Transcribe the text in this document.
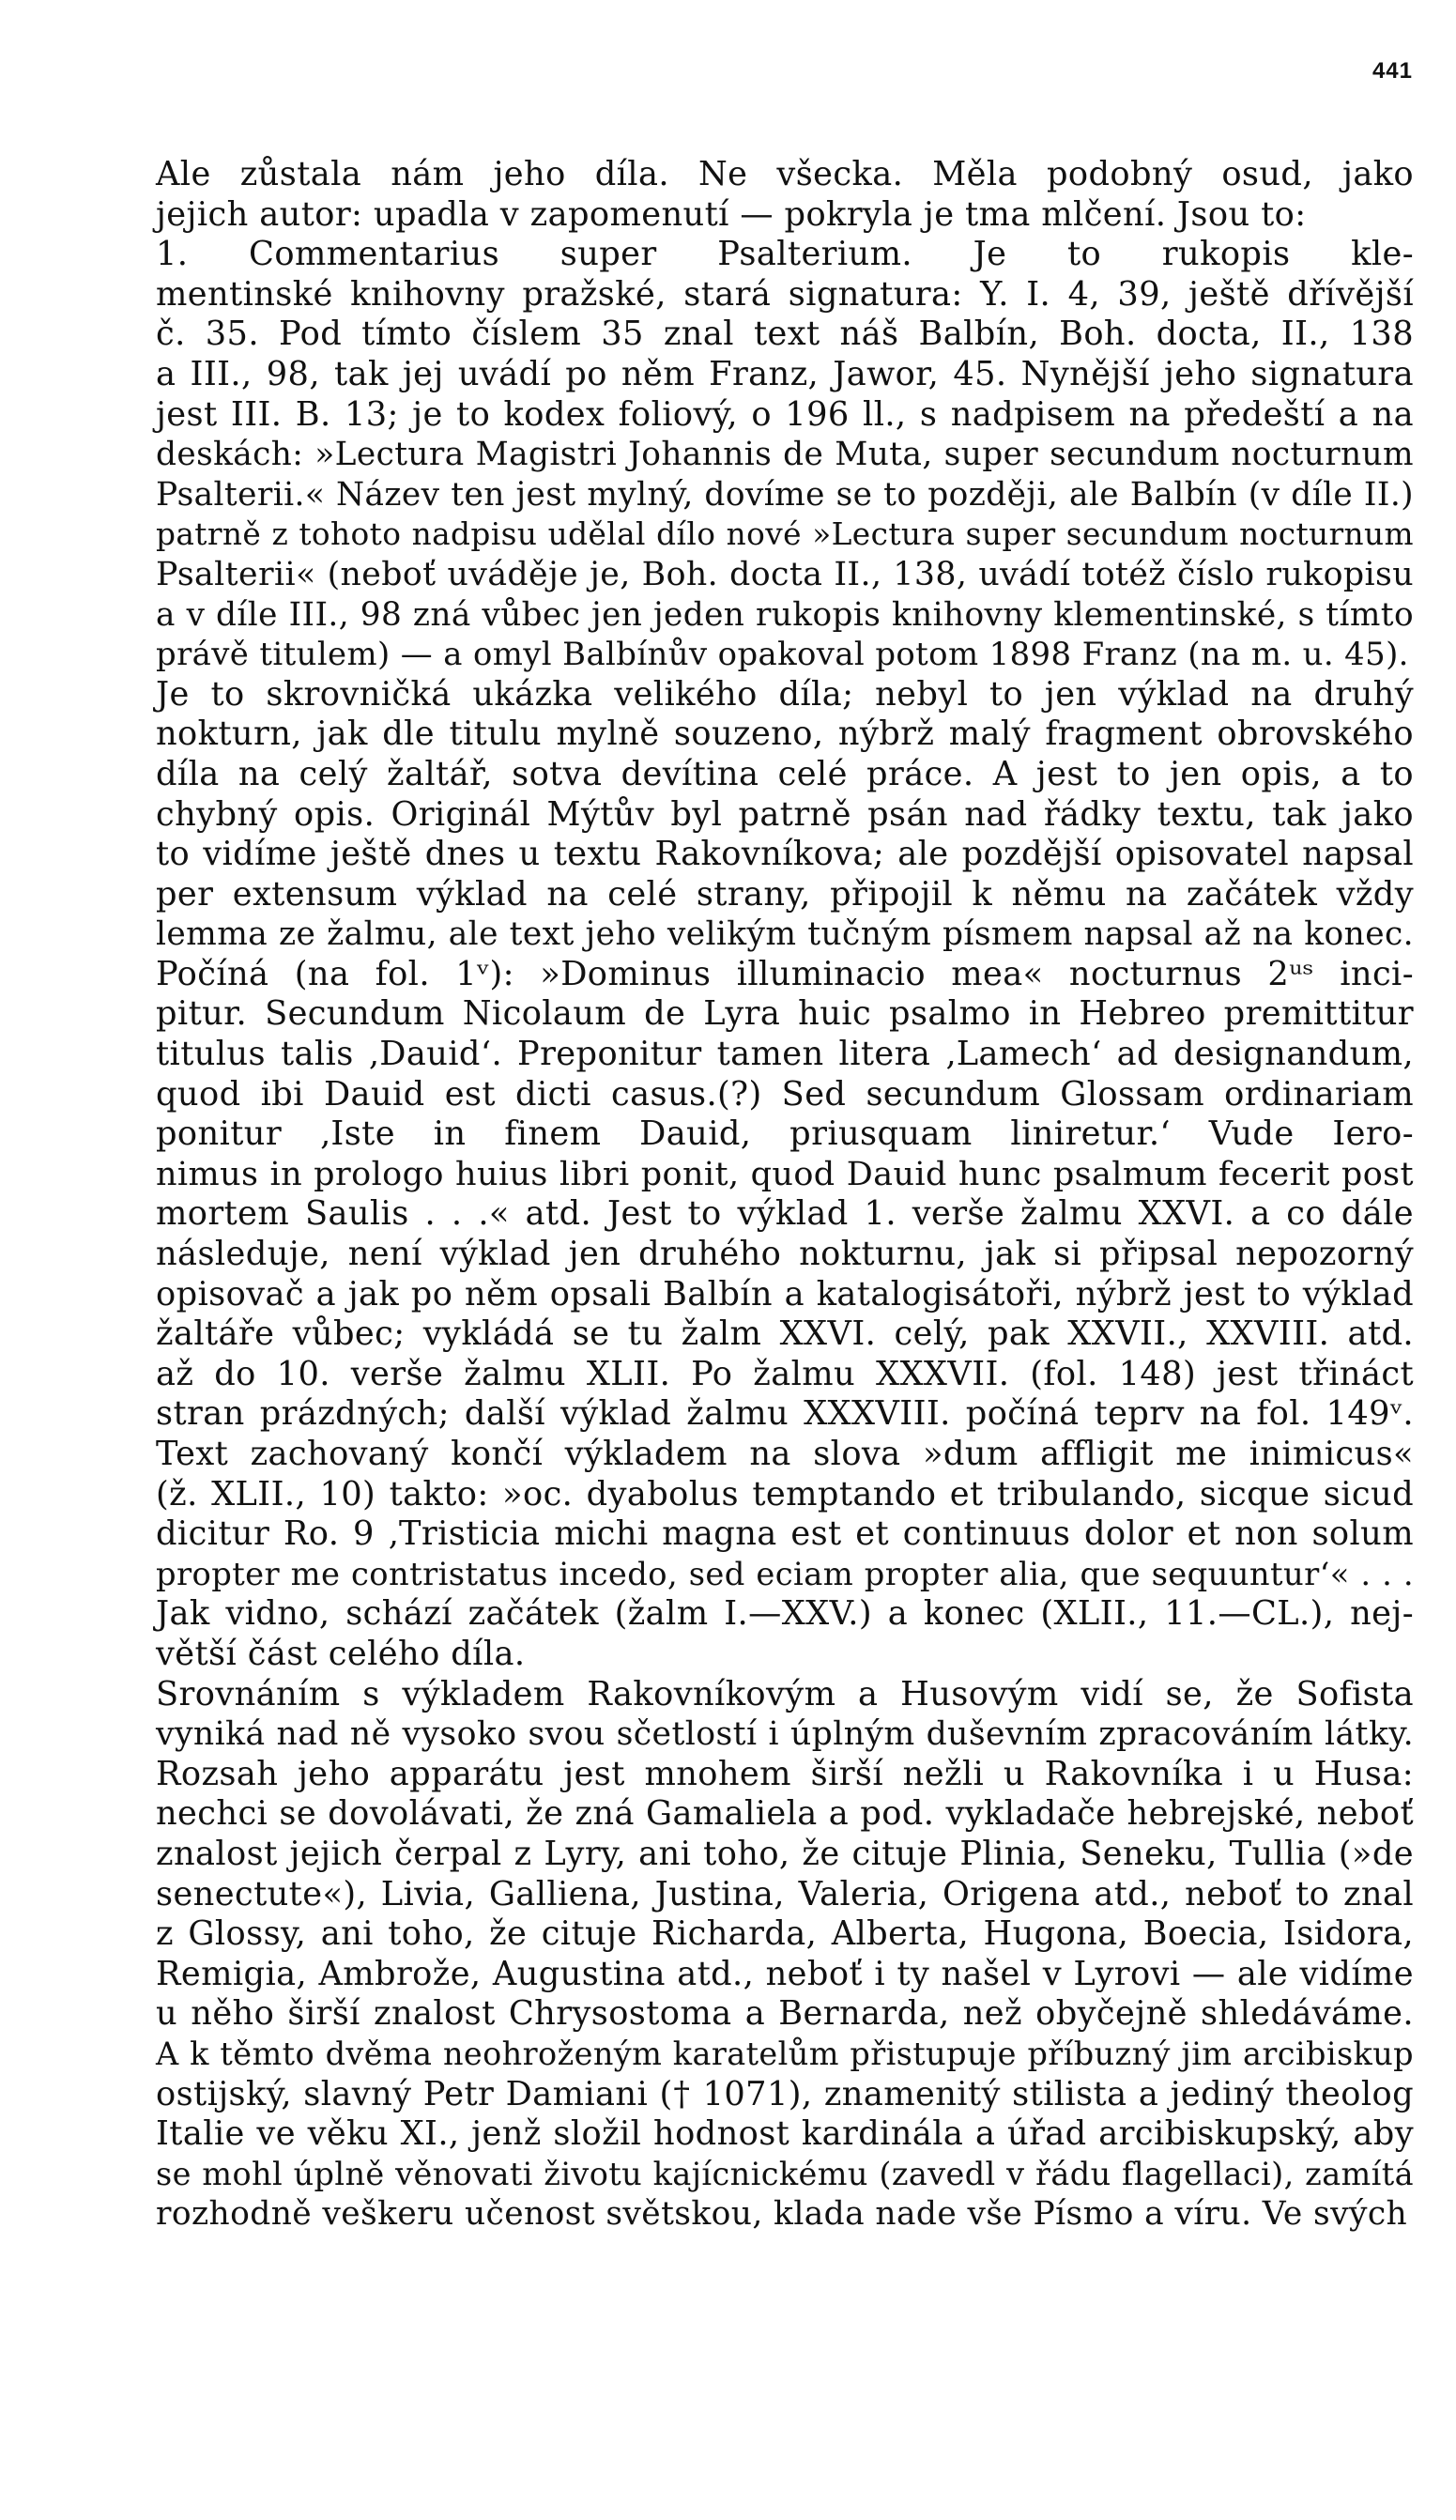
441
Ale zůstala nám jeho díla. Ne všecka. Měla podobný osud, jako
jejich autor: upadla v zapomenutí — pokryla je tma mlčení. Jsou to:
1. Commentarius super Psalterium. Je to rukopis kle-
mentinské knihovny pražské, stará signatura: Y. I. 4, 39, ještě dřívější
č. 35. Pod tímto číslem 35 znal text náš Balbín, Boh. docta, II., 138
a III., 98, tak jej uvádí po něm Franz, Jawor, 45. Nynější jeho signatura
jest III. B. 13; je to kodex foliový, o 196 ll., s nadpisem na předeští a na
deskách: »Lectura Magistri Johannis de Muta, super secundum nocturnum
Psalterii.« Název ten jest mylný, dovíme se to později, ale Balbín (v díle II.)
patrně z tohoto nadpisu udělal dílo nové »Lectura super secundum nocturnum
Psalterii« (neboť uváděje je, Boh. docta II., 138, uvádí totéž číslo rukopisu
a v díle III., 98 zná vůbec jen jeden rukopis knihovny klementinské, s tímto
právě titulem) — a omyl Balbínův opakoval potom 1898 Franz (na m. u. 45).
Je to skrovničká ukázka velikého díla; nebyl to jen výklad na druhý
nokturn, jak dle titulu mylně souzeno, nýbrž malý fragment obrovského
díla na celý žaltář, sotva devítina celé práce. A jest to jen opis, a to
chybný opis. Originál Mýtův byl patrně psán nad řádky textu, tak jako
to vidíme ještě dnes u textu Rakovníkova; ale pozdější opisovatel napsal
per extensum výklad na celé strany, připojil k němu na začátek vždy
lemma ze žalmu, ale text jeho velikým tučným písmem napsal až na konec.
Počíná (na fol. 1ᵛ): »Dominus illuminacio mea« nocturnus 2ᵘˢ inci-
pitur. Secundum Nicolaum de Lyra huic psalmo in Hebreo premittitur
titulus talis ‚Dauid‘. Preponitur tamen litera ‚Lamech‘ ad designandum,
quod ibi Dauid est dicti casus.(?) Sed secundum Glossam ordinariam
ponitur ‚Iste in finem Dauid, priusquam liniretur.‘ Vude Iero-
nimus in prologo huius libri ponit, quod Dauid hunc psalmum fecerit post
mortem Saulis . . .« atd. Jest to výklad 1. verše žalmu XXVI. a co dále
následuje, není výklad jen druhého nokturnu, jak si připsal nepozorný
opisovač a jak po něm opsali Balbín a katalogisátoři, nýbrž jest to výklad
žaltáře vůbec; vykládá se tu žalm XXVI. celý, pak XXVII., XXVIII. atd.
až do 10. verše žalmu XLII. Po žalmu XXXVII. (fol. 148) jest třináct
stran prázdných; další výklad žalmu XXXVIII. počíná teprv na fol. 149ᵛ.
Text zachovaný končí výkladem na slova »dum affligit me inimicus«
(ž. XLII., 10) takto: »oc. dyabolus temptando et tribulando, sicque sicud
dicitur Ro. 9 ‚Tristicia michi magna est et continuus dolor et non solum
propter me contristatus incedo, sed eciam propter alia, que sequuntur‘« . . .
Jak vidno, schází začátek (žalm I.—XXV.) a konec (XLII., 11.—CL.), nej-
větší část celého díla.
Srovnáním s výkladem Rakovníkovým a Husovým vidí se, že Sofista
vyniká nad ně vysoko svou sčetlostí i úplným duševním zpracováním látky.
Rozsah jeho apparátu jest mnohem širší nežli u Rakovníka i u Husa:
nechci se dovolávati, že zná Gamaliela a pod. vykladače hebrejské, neboť
znalost jejich čerpal z Lyry, ani toho, že cituje Plinia, Seneku, Tullia (»de
senectute«), Livia, Galliena, Justina, Valeria, Origena atd., neboť to znal
z Glossy, ani toho, že cituje Richarda, Alberta, Hugona, Boecia, Isidora,
Remigia, Ambrože, Augustina atd., neboť i ty našel v Lyrovi — ale vidíme
u něho širší znalost Chrysostoma a Bernarda, než obyčejně shledáváme.
A k těmto dvěma neohroženým karatelům přistupuje příbuzný jim arcibiskup
ostijský, slavný Petr Damiani († 1071), znamenitý stilista a jediný theolog
Italie ve věku XI., jenž složil hodnost kardinála a úřad arcibiskupský, aby
se mohl úplně věnovati životu kajícnickému (zavedl v řádu flagellaci), zamítá
rozhodně veškeru učenost světskou, klada nade vše Písmo a víru. Ve svých
